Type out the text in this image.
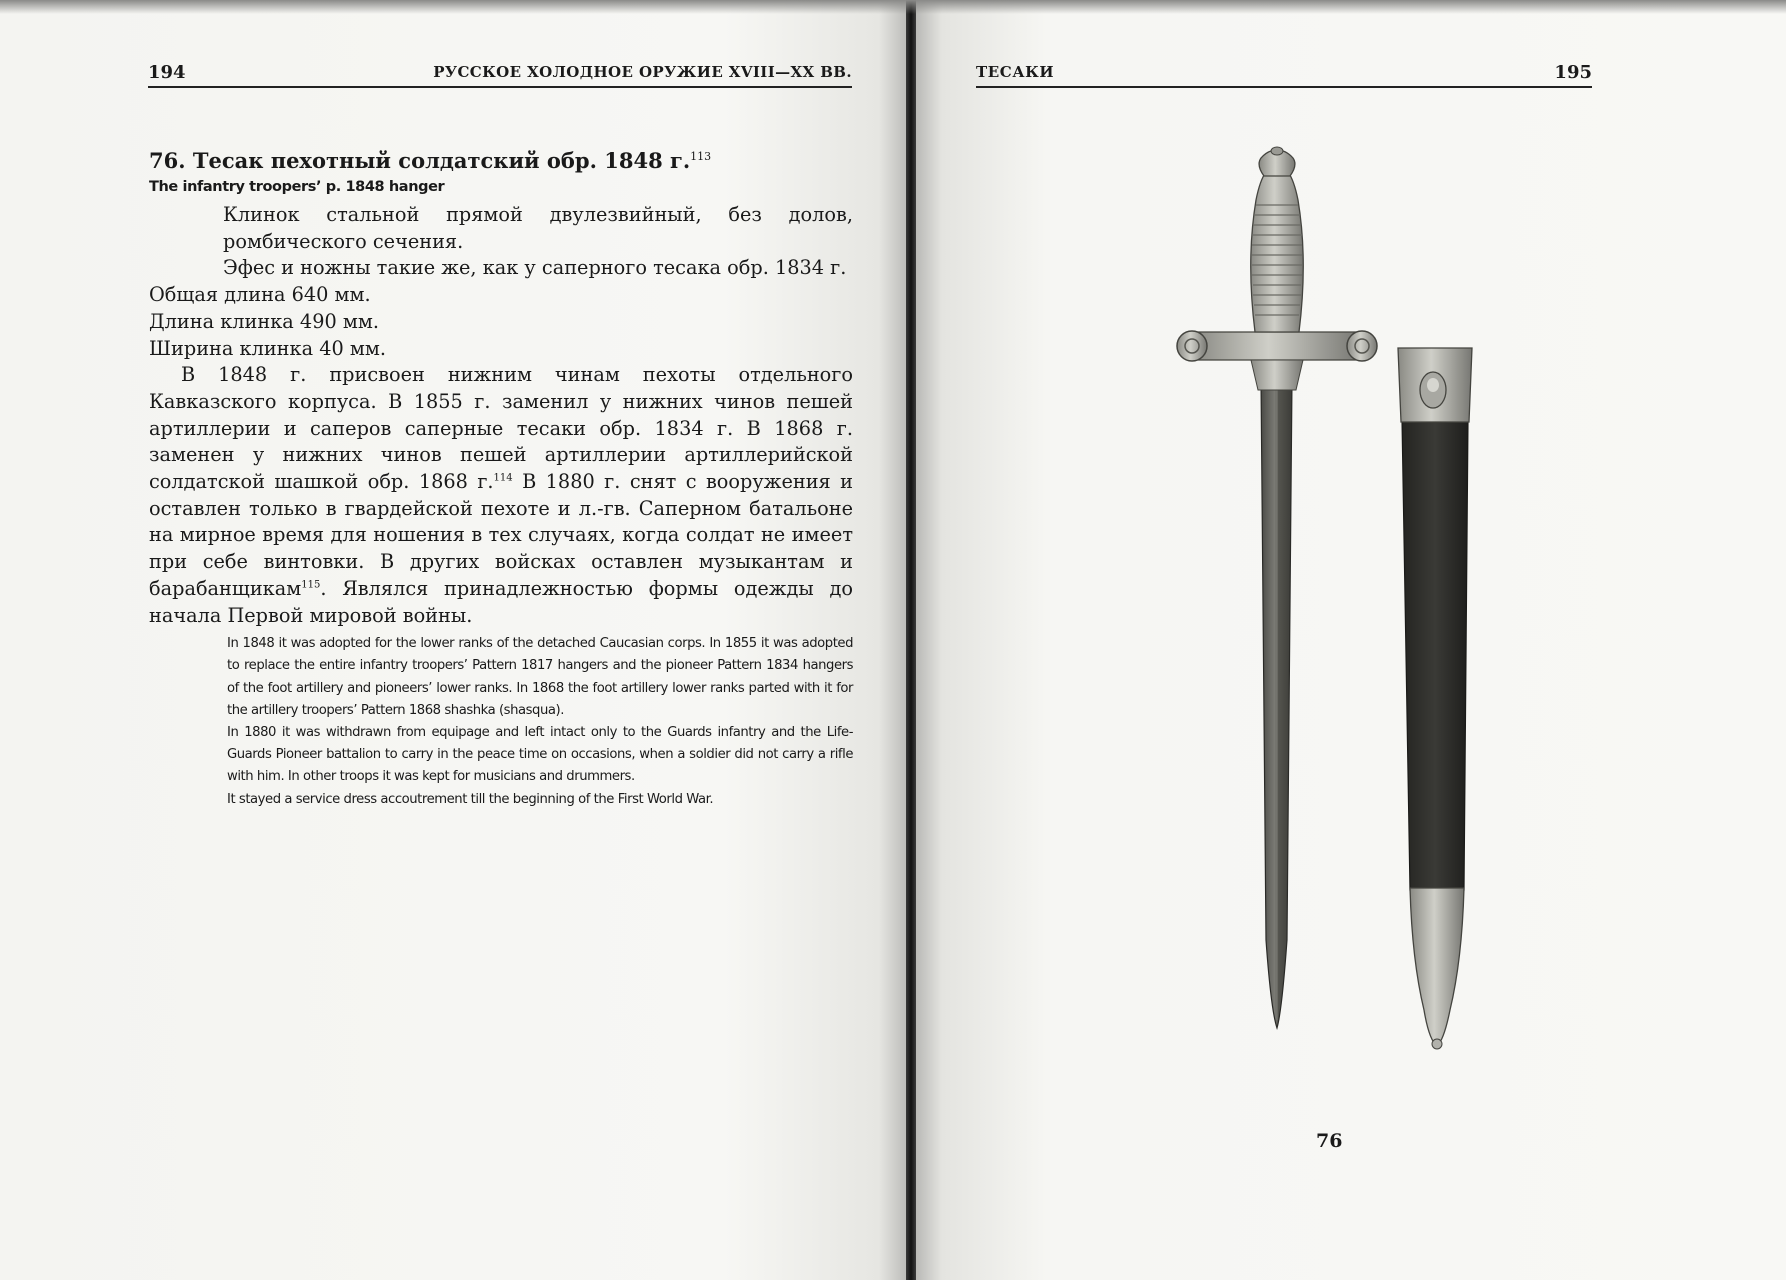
194	РУССКОЕ ХОЛОДНОЕ ОРУЖИЕ XVIII—XX ВВ.
76. Тесак пехотный солдатский обр. 1848 г.$^{113}$
The infantry troopers’ p. 1848 hanger

Клинок стальной прямой двулезвийный, без долов, ромбического сечения.

Эфес и ножны такие же, как у саперного тесака обр. 1834 г.

Общая длина 640 мм.

Длина клинка 490 мм.

Ширина клинка 40 мм.

В 1848 г. присвоен нижним чинам пехоты отдельного Кавказского корпуса. В 1855 г. заменил у нижних чинов пешей артиллерии и саперов саперные тесаки обр. 1834 г. В 1868 г. заменен у нижних чинов пешей артиллерии артиллерийской солдатской шашкой обр. 1868 г.$^{114}$ В 1880 г. снят с вооружения и оставлен только в гвардейской пехоте и л.-гв. Саперном батальоне на мирное время для ношения в тех случаях, когда солдат не имеет при себе винтовки. В других войсках оставлен музыкантам и барабанщикам$^{115}$. Являлся принадлежностью формы одежды до начала Первой мировой войны.

In 1848 it was adopted for the lower ranks of the detached Caucasian corps. In 1855 it was adopted to replace the entire infantry troopers’ Pattern 1817 hangers and the pioneer Pattern 1834 hangers of the foot artillery and pioneers’ lower ranks. In 1868 the foot artillery lower ranks parted with it for the artillery troopers’ Pattern 1868 shashka (shasqua).

In 1880 it was withdrawn from equipage and left intact only to the Guards infantry and the Life-Guards Pioneer battalion to carry in the peace time on occasions, when a soldier did not carry a rifle with him. In other troops it was kept for musicians and drummers.

It stayed a service dress accoutrement till the beginning of the First World War.

ТЕСАКИ	195
76
